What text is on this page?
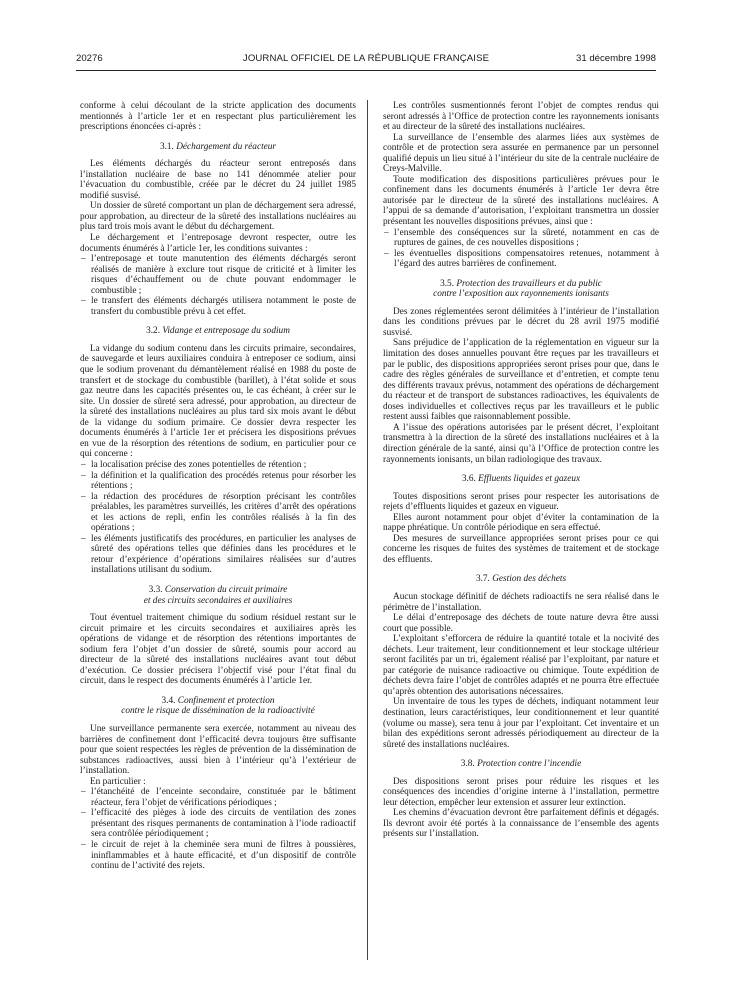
20276	JOURNAL OFFICIEL DE LA RÉPUBLIQUE FRANÇAISE	31 décembre 1998

conforme à celui découlant de la stricte application des documents mentionnés à l’article 1er et en respectant plus particulièrement les prescriptions énoncées ci-après :

3.1. Déchargement du réacteur

Les éléments déchargés du réacteur seront entreposés dans l’installation nucléaire de base no 141 dénommée atelier pour l’évacuation du combustible, créée par le décret du 24 juillet 1985 modifié susvisé.

Un dossier de sûreté comportant un plan de déchargement sera adressé, pour approbation, au directeur de la sûreté des installations nucléaires au plus tard trois mois avant le début du déchargement.

Le déchargement et l’entreposage devront respecter, outre les documents énumérés à l’article 1er, les conditions suivantes :

– l’entreposage et toute manutention des éléments déchargés seront réalisés de manière à exclure tout risque de criticité et à limiter les risques d’échauffement ou de chute pouvant endommager le combustible ;
– le transfert des éléments déchargés utilisera notamment le poste de transfert du combustible prévu à cet effet.
3.2. Vidange et entreposage du sodium

La vidange du sodium contenu dans les circuits primaire, secondaires, de sauvegarde et leurs auxiliaires conduira à entreposer ce sodium, ainsi que le sodium provenant du démantèlement réalisé en 1988 du poste de transfert et de stockage du combustible (barillet), à l’état solide et sous gaz neutre dans les capacités présentes ou, le cas échéant, à créer sur le site. Un dossier de sûreté sera adressé, pour approbation, au directeur de la sûreté des installations nucléaires au plus tard six mois avant le début de la vidange du sodium primaire. Ce dossier devra respecter les documents énumérés à l’article 1er et précisera les dispositions prévues en vue de la résorption des rétentions de sodium, en particulier pour ce qui concerne :

– la localisation précise des zones potentielles de rétention ;
– la définition et la qualification des procédés retenus pour résorber les rétentions ;
– la rédaction des procédures de résorption précisant les contrôles préalables, les paramètres surveillés, les critères d’arrêt des opérations et les actions de repli, enfin les contrôles réalisés à la fin des opérations ;
– les éléments justificatifs des procédures, en particulier les analyses de sûreté des opérations telles que définies dans les procédures et le retour d’expérience d’opérations similaires réalisées sur d’autres installations utilisant du sodium.
3.3. Conservation du circuit primaire
et des circuits secondaires et auxiliaires

Tout éventuel traitement chimique du sodium résiduel restant sur le circuit primaire et les circuits secondaires et auxiliaires après les opérations de vidange et de résorption des rétentions importantes de sodium fera l’objet d’un dossier de sûreté, soumis pour accord au directeur de la sûreté des installations nucléaires avant tout début d’exécution. Ce dossier précisera l’objectif visé pour l’état final du circuit, dans le respect des documents énumérés à l’article 1er.

3.4. Confinement et protection
contre le risque de dissémination de la radioactivité

Une surveillance permanente sera exercée, notamment au niveau des barrières de confinement dont l’efficacité devra toujours être suffisante pour que soient respectées les règles de prévention de la dissémination de substances radioactives, aussi bien à l’intérieur qu’à l’extérieur de l’installation.

En particulier :

– l’étanchéité de l’enceinte secondaire, constituée par le bâtiment réacteur, fera l’objet de vérifications périodiques ;
– l’efficacité des pièges à iode des circuits de ventilation des zones présentant des risques permanents de contamination à l’iode radioactif sera contrôlée périodiquement ;
– le circuit de rejet à la cheminée sera muni de filtres à poussières, ininflammables et à haute efficacité, et d’un dispositif de contrôle continu de l’activité des rejets.

Les contrôles susmentionnés feront l’objet de comptes rendus qui seront adressés à l’Office de protection contre les rayonnements ionisants et au directeur de la sûreté des installations nucléaires.

La surveillance de l’ensemble des alarmes liées aux systèmes de contrôle et de protection sera assurée en permanence par un personnel qualifié depuis un lieu situé à l’intérieur du site de la centrale nucléaire de Creys-Malville.

Toute modification des dispositions particulières prévues pour le confinement dans les documents énumérés à l’article 1er devra être autorisée par le directeur de la sûreté des installations nucléaires. A l’appui de sa demande d’autorisation, l’exploitant transmettra un dossier présentant les nouvelles dispositions prévues, ainsi que :

– l’ensemble des conséquences sur la sûreté, notamment en cas de ruptures de gaines, de ces nouvelles dispositions ;
– les éventuelles dispositions compensatoires retenues, notamment à l’égard des autres barrières de confinement.
3.5. Protection des travailleurs et du public
contre l’exposition aux rayonnements ionisants

Des zones réglementées seront délimitées à l’intérieur de l’installation dans les conditions prévues par le décret du 28 avril 1975 modifié susvisé.

Sans préjudice de l’application de la réglementation en vigueur sur la limitation des doses annuelles pouvant être reçues par les travailleurs et par le public, des dispositions appropriées seront prises pour que, dans le cadre des règles générales de surveillance et d’entretien, et compte tenu des différents travaux prévus, notamment des opérations de déchargement du réacteur et de transport de substances radioactives, les équivalents de doses individuelles et collectives reçus par les travailleurs et le public restent aussi faibles que raisonnablement possible.

A l’issue des opérations autorisées par le présent décret, l’exploitant transmettra à la direction de la sûreté des installations nucléaires et à la direction générale de la santé, ainsi qu’à l’Office de protection contre les rayonnements ionisants, un bilan radiologique des travaux.

3.6. Effluents liquides et gazeux

Toutes dispositions seront prises pour respecter les autorisations de rejets d’effluents liquides et gazeux en vigueur.

Elles auront notamment pour objet d’éviter la contamination de la nappe phréatique. Un contrôle périodique en sera effectué.

Des mesures de surveillance appropriées seront prises pour ce qui concerne les risques de fuites des systèmes de traitement et de stockage des effluents.

3.7. Gestion des déchets

Aucun stockage définitif de déchets radioactifs ne sera réalisé dans le périmètre de l’installation.

Le délai d’entreposage des déchets de toute nature devra être aussi court que possible.

L’exploitant s’efforcera de réduire la quantité totale et la nocivité des déchets. Leur traitement, leur conditionnement et leur stockage ultérieur seront facilités par un tri, également réalisé par l’exploitant, par nature et par catégorie de nuisance radioactive ou chimique. Toute expédition de déchets devra faire l’objet de contrôles adaptés et ne pourra être effectuée qu’après obtention des autorisations nécessaires.

Un inventaire de tous les types de déchets, indiquant notamment leur destination, leurs caractéristiques, leur conditionnement et leur quantité (volume ou masse), sera tenu à jour par l’exploitant. Cet inventaire et un bilan des expéditions seront adressés périodiquement au directeur de la sûreté des installations nucléaires.

3.8. Protection contre l’incendie

Des dispositions seront prises pour réduire les risques et les conséquences des incendies d’origine interne à l’installation, permettre leur détection, empêcher leur extension et assurer leur extinction.

Les chemins d’évacuation devront être parfaitement définis et dégagés. Ils devront avoir été portés à la connaissance de l’ensemble des agents présents sur l’installation.
